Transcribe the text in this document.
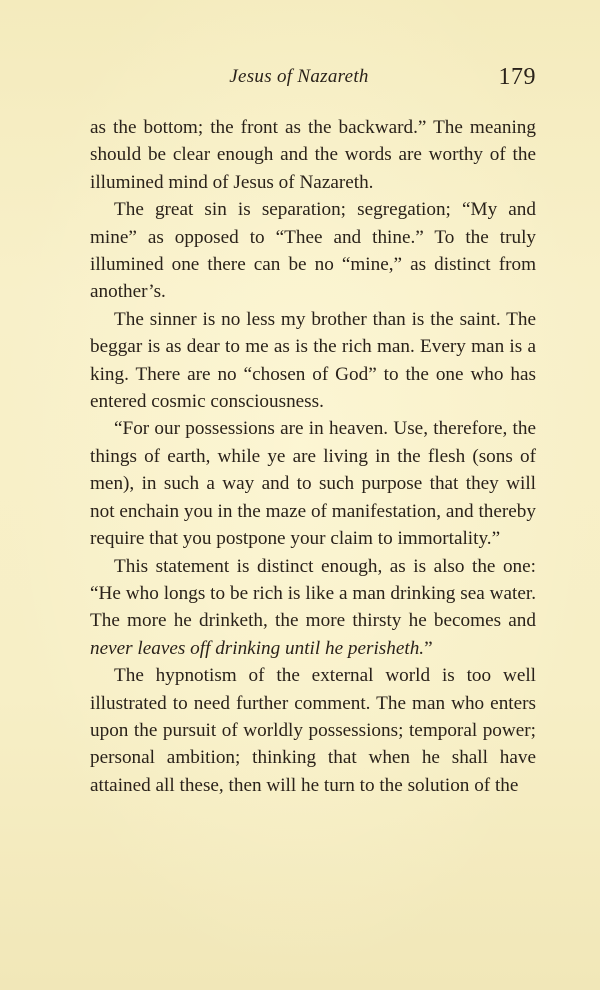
Jesus of Nazareth	179

as the bottom; the front as the backward.” The meaning should be clear enough and the words are worthy of the illumined mind of Jesus of Nazareth.

The great sin is separation; segregation; “My and mine” as opposed to “Thee and thine.” To the truly illumined one there can be no “mine,” as distinct from another’s.

The sinner is no less my brother than is the saint. The beggar is as dear to me as is the rich man. Every man is a king. There are no “chosen of God” to the one who has entered cosmic consciousness.

“For our possessions are in heaven. Use, therefore, the things of earth, while ye are living in the flesh (sons of men), in such a way and to such purpose that they will not enchain you in the maze of manifestation, and thereby require that you postpone your claim to immortality.”

This statement is distinct enough, as is also the one: “He who longs to be rich is like a man drinking sea water. The more he drinketh, the more thirsty he becomes and never leaves off drinking until he perisheth.”

The hypnotism of the external world is too well illustrated to need further comment. The man who enters upon the pursuit of worldly possessions; temporal power; personal ambition; thinking that when he shall have attained all these, then will he turn to the solution of the
